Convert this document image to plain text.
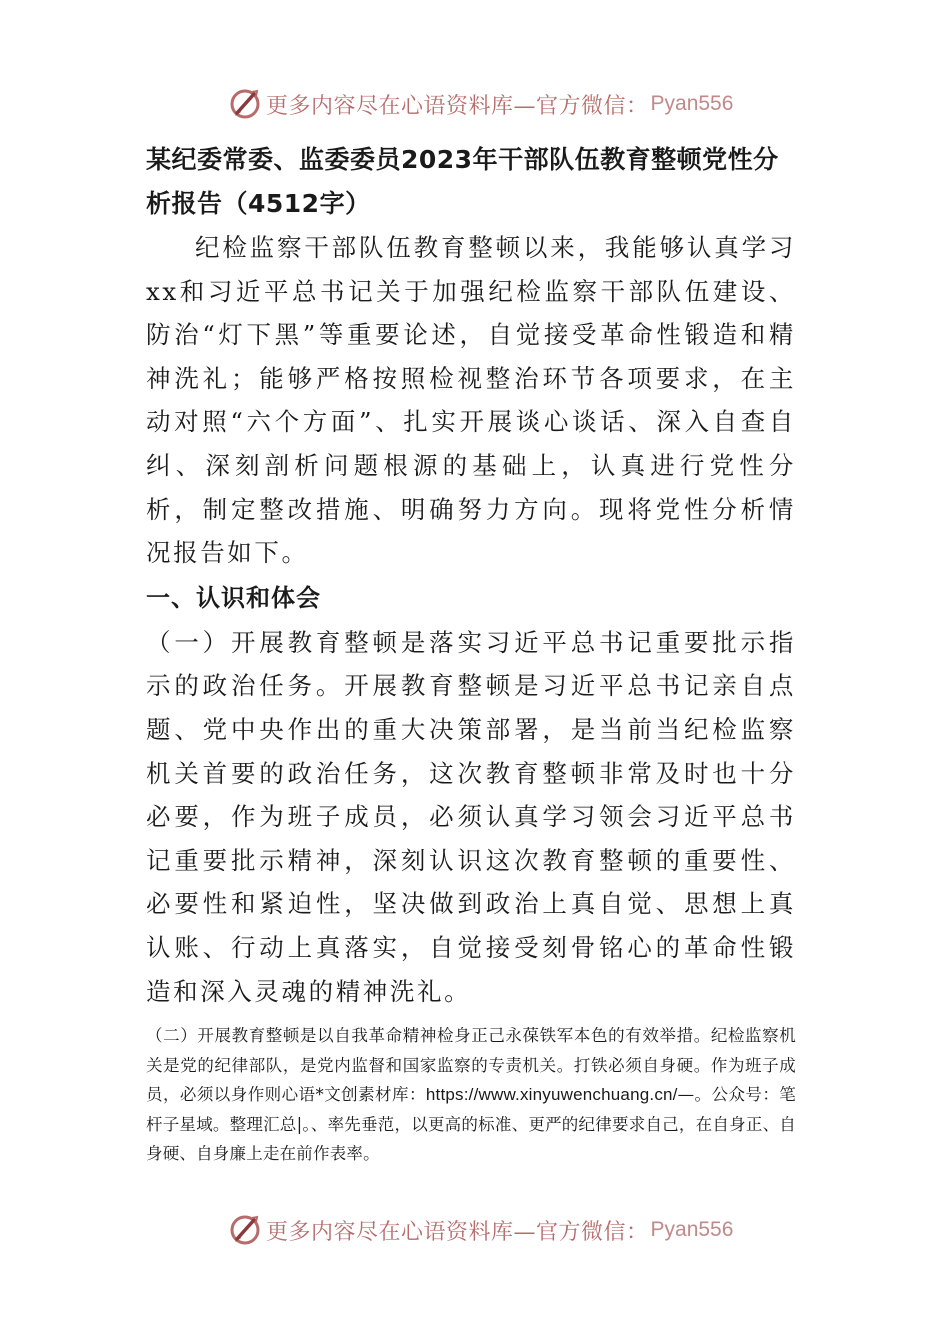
更多内容尽在心语资料库—官方微信： Pyan556
某纪委常委、监委委员2023年干部队伍教育整顿党性分析报告（4512字）

纪检监察干部队伍教育整顿以来，我能够认真学习xx和习近平总书记关于加强纪检监察干部队伍建设、防治“灯下黑”等重要论述，自觉接受革命性锻造和精神洗礼；能够严格按照检视整治环节各项要求，在主动对照“六个方面”、扎实开展谈心谈话、深入自查自纠、深刻剖析问题根源的基础上，认真进行党性分析，制定整改措施、明确努力方向。现将党性分析情况报告如下。

一、认识和体会

（一）开展教育整顿是落实习近平总书记重要批示指示的政治任务。开展教育整顿是习近平总书记亲自点题、党中央作出的重大决策部署，是当前当纪检监察机关首要的政治任务，这次教育整顿非常及时也十分必要，作为班子成员，必须认真学习领会习近平总书记重要批示精神，深刻认识这次教育整顿的重要性、必要性和紧迫性，坚决做到政治上真自觉、思想上真认账、行动上真落实，自觉接受刻骨铭心的革命性锻造和深入灵魂的精神洗礼。

（二）开展教育整顿是以自我革命精神检身正己永葆铁军本色的有效举措。纪检监察机关是党的纪律部队，是党内监督和国家监察的专责机关。打铁必须自身硬。作为班子成员，必须以身作则心语*文创素材库：https://www.xinyuwenchuang.cn/—。公众号：笔杆子星域。整理汇总|。、率先垂范，以更高的标准、更严的纪律要求自己，在自身正、自身硬、自身廉上走在前作表率。

更多内容尽在心语资料库—官方微信： Pyan556
